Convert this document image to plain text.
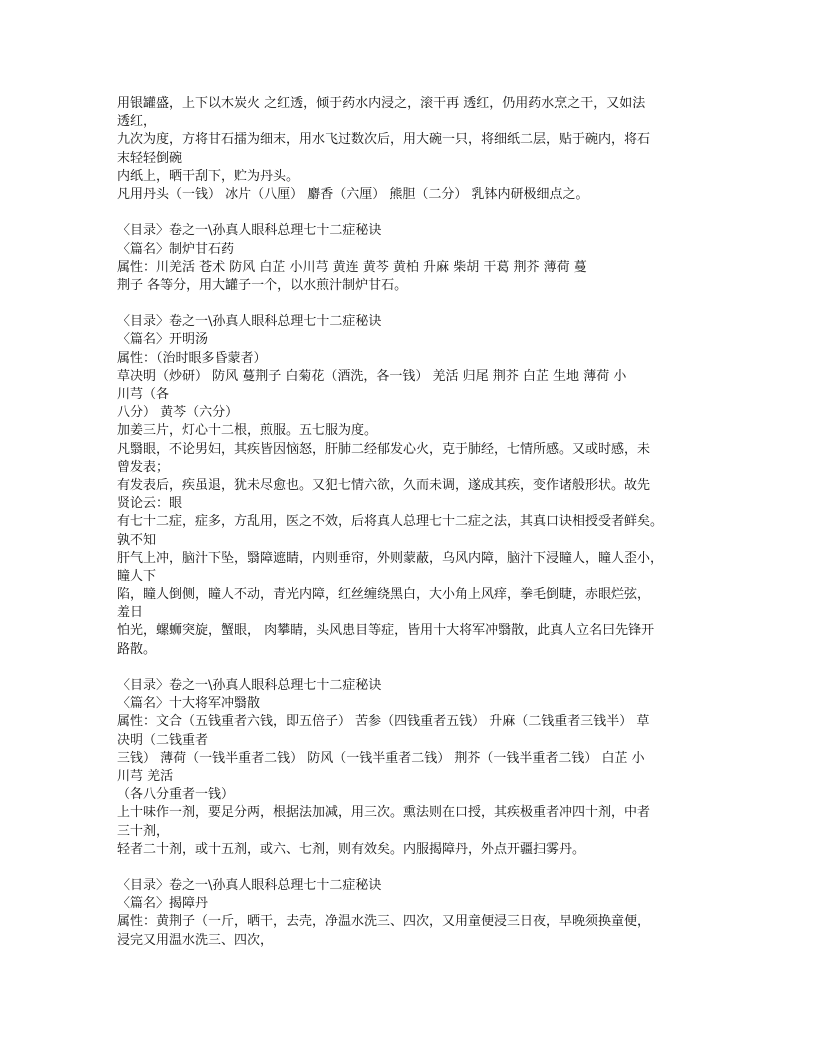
用银罐盛，上下以木炭火 之红透，倾于药水内浸之，滚干再 透红，仍用药水烹之干，又如法
透红，
九次为度，方将甘石擂为细末，用水飞过数次后，用大碗一只，将细纸二层，贴于碗内，将石
末轻轻倒碗
内纸上，晒干刮下，贮为丹头。
凡用丹头（一钱） 冰片（八厘） 麝香（六厘） 熊胆（二分） 乳钵内研极细点之。
〈目录〉卷之一\孙真人眼科总理七十二症秘诀
〈篇名〉制炉甘石药
属性：川羌活 苍术 防风 白芷 小川芎 黄连 黄芩 黄柏 升麻 柴胡 干葛 荆芥 薄荷 蔓
荆子 各等分，用大罐子一个，以水煎汁制炉甘石。
〈目录〉卷之一\孙真人眼科总理七十二症秘诀
〈篇名〉开明汤
属性：（治时眼多昏蒙者）
草决明（炒研） 防风 蔓荆子 白菊花（酒洗，各一钱） 羌活 归尾 荆芥 白芷 生地 薄荷 小
川芎（各
八分） 黄芩（六分）
加姜三片，灯心十二根，煎服。五七服为度。
凡翳眼，不论男妇，其疾皆因恼怒，肝肺二经郁发心火，克于肺经，七情所感。又或时感，未
曾发表；
有发表后，疾虽退，犹未尽愈也。又犯七情六欲，久而未调，遂成其疾，变作诸般形状。故先
贤论云：眼
有七十二症，症多，方乱用，医之不效，后将真人总理七十二症之法，其真口诀相授受者鲜矣。
孰不知
肝气上冲，脑汁下坠，翳障遮睛，内则垂帘，外则蒙蔽，乌风内障，脑汁下浸瞳人，瞳人歪小，
瞳人下
陷，瞳人倒侧，瞳人不动，青光内障，红丝缠绕黑白，大小角上风痒，拳毛倒睫，赤眼烂弦，
羞日
怕光，螺蛳突旋，蟹眼， 肉攀睛，头风患目等症，皆用十大将军冲翳散，此真人立名曰先锋开
路散。
〈目录〉卷之一\孙真人眼科总理七十二症秘诀
〈篇名〉十大将军冲翳散
属性：文合（五钱重者六钱，即五倍子） 苦参（四钱重者五钱） 升麻（二钱重者三钱半） 草
决明（二钱重者
三钱） 薄荷（一钱半重者二钱） 防风（一钱半重者二钱） 荆芥（一钱半重者二钱） 白芷 小
川芎 羌活
（各八分重者一钱）
上十味作一剂，要足分两，根据法加减，用三次。熏法则在口授，其疾极重者冲四十剂，中者
三十剂，
轻者二十剂，或十五剂，或六、七剂，则有效矣。内服揭障丹，外点开疆扫雾丹。
〈目录〉卷之一\孙真人眼科总理七十二症秘诀
〈篇名〉揭障丹
属性：黄荆子（一斤，晒干，去壳，净温水洗三、四次，又用童便浸三日夜，早晚须换童便，
浸完又用温水洗三、四次，
